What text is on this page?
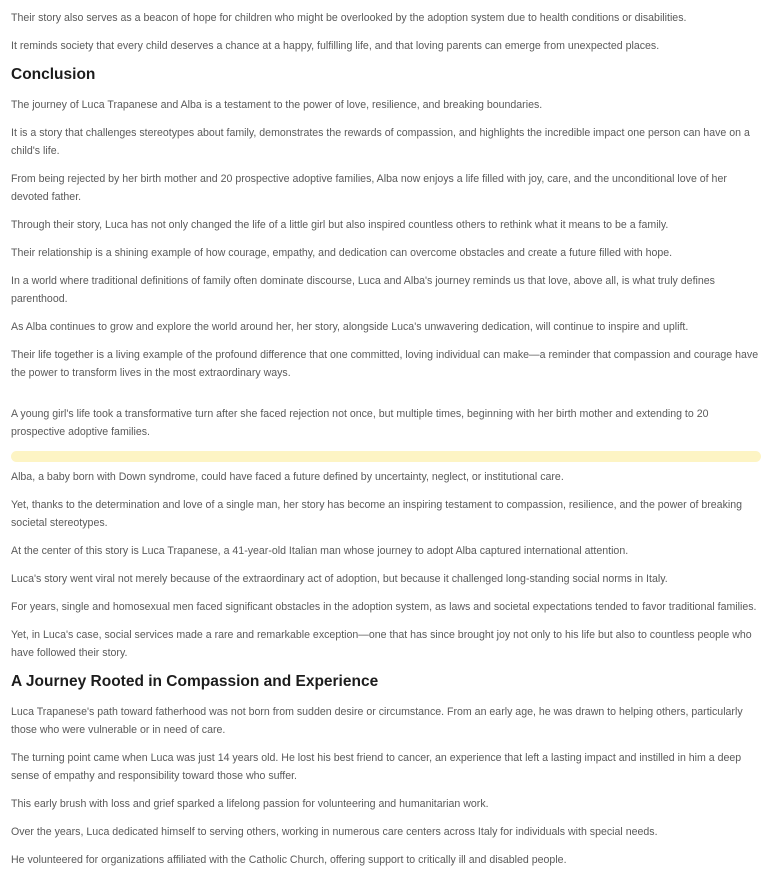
Their story also serves as a beacon of hope for children who might be overlooked by the adoption system due to health conditions or disabilities.

It reminds society that every child deserves a chance at a happy, fulfilling life, and that loving parents can emerge from unexpected places.

Conclusion

The journey of Luca Trapanese and Alba is a testament to the power of love, resilience, and breaking boundaries.

It is a story that challenges stereotypes about family, demonstrates the rewards of compassion, and highlights the incredible impact one person can have on a child's life.

From being rejected by her birth mother and 20 prospective adoptive families, Alba now enjoys a life filled with joy, care, and the unconditional love of her devoted father.

Through their story, Luca has not only changed the life of a little girl but also inspired countless others to rethink what it means to be a family.

Their relationship is a shining example of how courage, empathy, and dedication can overcome obstacles and create a future filled with hope.

In a world where traditional definitions of family often dominate discourse, Luca and Alba's journey reminds us that love, above all, is what truly defines parenthood.

As Alba continues to grow and explore the world around her, her story, alongside Luca's unwavering dedication, will continue to inspire and uplift.

Their life together is a living example of the profound difference that one committed, loving individual can make—a reminder that compassion and courage have the power to transform lives in the most extraordinary ways.

A young girl's life took a transformative turn after she faced rejection not once, but multiple times, beginning with her birth mother and extending to 20 prospective adoptive families.

Alba, a baby born with Down syndrome, could have faced a future defined by uncertainty, neglect, or institutional care.

Yet, thanks to the determination and love of a single man, her story has become an inspiring testament to compassion, resilience, and the power of breaking societal stereotypes.

At the center of this story is Luca Trapanese, a 41-year-old Italian man whose journey to adopt Alba captured international attention.

Luca's story went viral not merely because of the extraordinary act of adoption, but because it challenged long-standing social norms in Italy.

For years, single and homosexual men faced significant obstacles in the adoption system, as laws and societal expectations tended to favor traditional families.

Yet, in Luca's case, social services made a rare and remarkable exception—one that has since brought joy not only to his life but also to countless people who have followed their story.

A Journey Rooted in Compassion and Experience

Luca Trapanese's path toward fatherhood was not born from sudden desire or circumstance. From an early age, he was drawn to helping others, particularly those who were vulnerable or in need of care.

The turning point came when Luca was just 14 years old. He lost his best friend to cancer, an experience that left a lasting impact and instilled in him a deep sense of empathy and responsibility toward those who suffer.

This early brush with loss and grief sparked a lifelong passion for volunteering and humanitarian work.

Over the years, Luca dedicated himself to serving others, working in numerous care centers across Italy for individuals with special needs.

He volunteered for organizations affiliated with the Catholic Church, offering support to critically ill and disabled people.
